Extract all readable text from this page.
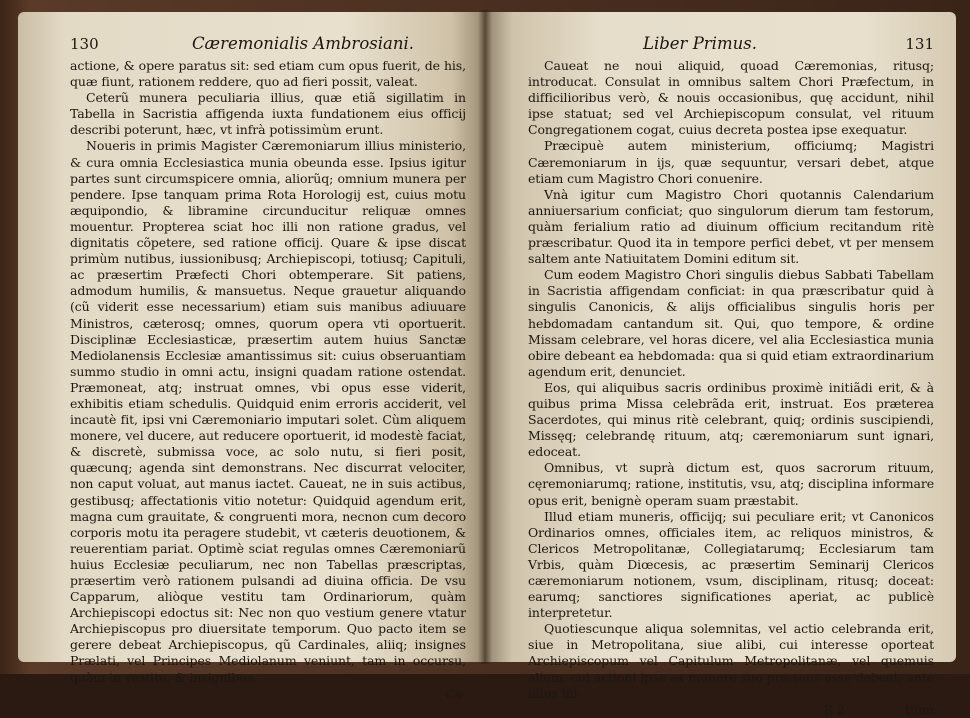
130	Cæremonialis Ambrosiani.

actione, & opere paratus sit: sed etiam cum opus fuerit, de his, quæ fiunt, rationem reddere, quo ad fieri possit, valeat.

Ceterũ munera peculiaria illius, quæ etiã sigillatim in Tabella in Sacristia affigenda iuxta fundationem eius officij describi poterunt, hæc, vt infrà potissimùm erunt.

Noueris in primis Magister Cæremoniarum illius ministerio, & cura omnia Ecclesiastica munia obeunda esse. Ipsius igitur partes sunt circumspicere omnia, aliorũq; omnium munera per pendere. Ipse tanquam prima Rota Horologij est, cuius motu æquipondio, & libramine circunducitur reliquæ omnes mouentur. Propterea sciat hoc illi non ratione gradus, vel dignitatis cõpetere, sed ratione officij. Quare & ipse discat primùm nutibus, iussionibusq; Archiepiscopi, totiusq; Capituli, ac præsertim Præfecti Chori obtemperare. Sit patiens, admodum humilis, & mansuetus. Neque grauetur aliquando (cũ viderit esse necessarium) etiam suis manibus adiuuare Ministros, cæterosq; omnes, quorum opera vti oportuerit. Disciplinæ Ecclesiasticæ, præsertim autem huius Sanctæ Mediolanensis Ecclesiæ amantissimus sit: cuius obseruantiam summo studio in omni actu, insigni quadam ratione ostendat. Præmoneat, atq; instruat omnes, vbi opus esse viderit, exhibitis etiam schedulis. Quidquid enim erroris acciderit, vel incautè fit, ipsi vni Cæremoniario imputari solet. Cùm aliquem monere, vel ducere, aut reducere oportuerit, id modestè faciat, & discretè, submissa voce, ac solo nutu, si fieri posit, quæcunq; agenda sint demonstrans. Nec discurrat velociter, non caput voluat, aut manus iactet. Caueat, ne in suis actibus, gestibusq; affectationis vitio notetur: Quidquid agendum erit, magna cum grauitate, & congruenti mora, necnon cum decoro corporis motu ita peragere studebit, vt cæteris deuotionem, & reuerentiam pariat. Optimè sciat regulas omnes Cæremoniarũ huius Ecclesiæ peculiarum, nec non Tabellas præscriptas, præsertim verò rationem pulsandi ad diuina officia. De vsu Capparum, aliòque vestitu tam Ordinariorum, quàm Archiepiscopi edoctus sit: Nec non quo vestium genere vtatur Archiepiscopus pro diuersitate temporum. Quo pacto item se gerere debeat Archiepiscopus, qũ Cardinales, aliiq; insignes Prælati, vel Principes Mediolanum veniunt, tam in occursu, quàm in vestitu, & insignibus.

Ca-
Liber Primus.	131

Caueat ne noui aliquid, quoad Cæremonias, ritusq; introducat. Consulat in omnibus saltem Chori Præfectum, in difficilioribus verò, & nouis occasionibus, quę accidunt, nihil ipse statuat; sed vel Archiepiscopum consulat, vel rituum Congregationem cogat, cuius decreta postea ipse exequatur.

Præcipuè autem ministerium, officiumq; Magistri Cæremoniarum in ijs, quæ sequuntur, versari debet, atque etiam cum Magistro Chori conuenire.

Vnà igitur cum Magistro Chori quotannis Calendarium anniuersarium conficiat; quo singulorum dierum tam festorum, quàm ferialium ratio ad diuinum officium recitandum ritè præscribatur. Quod ita in tempore perfici debet, vt per mensem saltem ante Natiuitatem Domini editum sit.

Cum eodem Magistro Chori singulis diebus Sabbati Tabellam in Sacristia affigendam conficiat: in qua præscribatur quid à singulis Canonicis, & alijs officialibus singulis horis per hebdomadam cantandum sit. Qui, quo tempore, & ordine Missam celebrare, vel horas dicere, vel alia Ecclesiastica munia obire debeant ea hebdomada: qua si quid etiam extraordinarium agendum erit, denunciet.

Eos, qui aliquibus sacris ordinibus proximè initiãdi erit, & à quibus prima Missa celebrãda erit, instruat. Eos præterea Sacerdotes, qui minus ritè celebrant, quiq; ordinis suscipiendi, Missęq; celebrandę rituum, atq; cæremoniarum sunt ignari, edoceat.

Omnibus, vt suprà dictum est, quos sacrorum rituum, cęremoniarumq; ratione, institutis, vsu, atq; disciplina informare opus erit, benignè operam suam præstabit.

Illud etiam muneris, officijq; sui peculiare erit; vt Canonicos Ordinarios omnes, officiales item, ac reliquos ministros, & Clericos Metropolitanæ, Collegiatarumq; Ecclesiarum tam Vrbis, quàm Diœcesis, ac præsertim Seminarij Clericos cæremoniarum notionem, vsum, disciplinam, ritusq; doceat: earumq; sanctiores significationes aperiat, ac publicè interpretetur.

Quotiescunque aliqua solemnitas, vel actio celebranda erit, siue in Metropolitana, siue alibi, cui interesse oporteat Archiepiscopum vel Capitulum Metropolitanæ, vel quemuis alium, cui actioni ipse ex munere suo præsens esse debeat, ante illius ini-

R 2	tium
